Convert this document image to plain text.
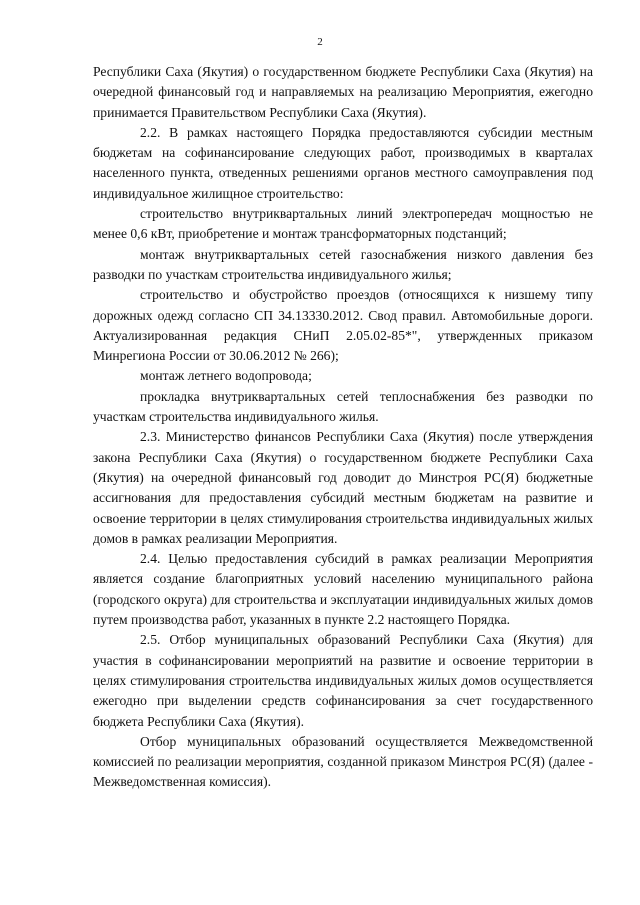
2

Республики Саха (Якутия) о государственном бюджете Республики Саха (Якутия) на очередной финансовый год и направляемых на реализацию Мероприятия, ежегодно принимается Правительством Республики Саха (Якутия).

2.2. В рамках настоящего Порядка предоставляются субсидии местным бюджетам на софинансирование следующих работ, производимых в кварталах населенного пункта, отведенных решениями органов местного самоуправления под индивидуальное жилищное строительство:

строительство внутриквартальных линий электропередач мощностью не менее 0,6 кВт, приобретение и монтаж трансформаторных подстанций;

монтаж внутриквартальных сетей газоснабжения низкого давления без разводки по участкам строительства индивидуального жилья;

строительство и обустройство проездов (относящихся к низшему типу дорожных одежд согласно СП 34.13330.2012. Свод правил. Автомобильные дороги. Актуализированная редакция СНиП 2.05.02-85*", утвержденных приказом Минрегиона России от 30.06.2012 № 266);

монтаж летнего водопровода;

прокладка внутриквартальных сетей теплоснабжения без разводки по участкам строительства индивидуального жилья.

2.3. Министерство финансов Республики Саха (Якутия) после утверждения закона Республики Саха (Якутия) о государственном бюджете Республики Саха (Якутия) на очередной финансовый год доводит до Минстроя РС(Я) бюджетные ассигнования для предоставления субсидий местным бюджетам на развитие и освоение территории в целях стимулирования строительства индивидуальных жилых домов в рамках реализации Мероприятия.

2.4. Целью предоставления субсидий в рамках реализации Мероприятия является создание благоприятных условий населению муниципального района (городского округа) для строительства и эксплуатации индивидуальных жилых домов путем производства работ, указанных в пункте 2.2 настоящего Порядка.

2.5. Отбор муниципальных образований Республики Саха (Якутия) для участия в софинансировании мероприятий на развитие и освоение территории в целях стимулирования строительства индивидуальных жилых домов осуществляется ежегодно при выделении средств софинансирования за счет государственного бюджета Республики Саха (Якутия).

Отбор муниципальных образований осуществляется Межведомственной комиссией по реализации мероприятия, созданной приказом Минстроя РС(Я) (далее - Межведомственная комиссия).
